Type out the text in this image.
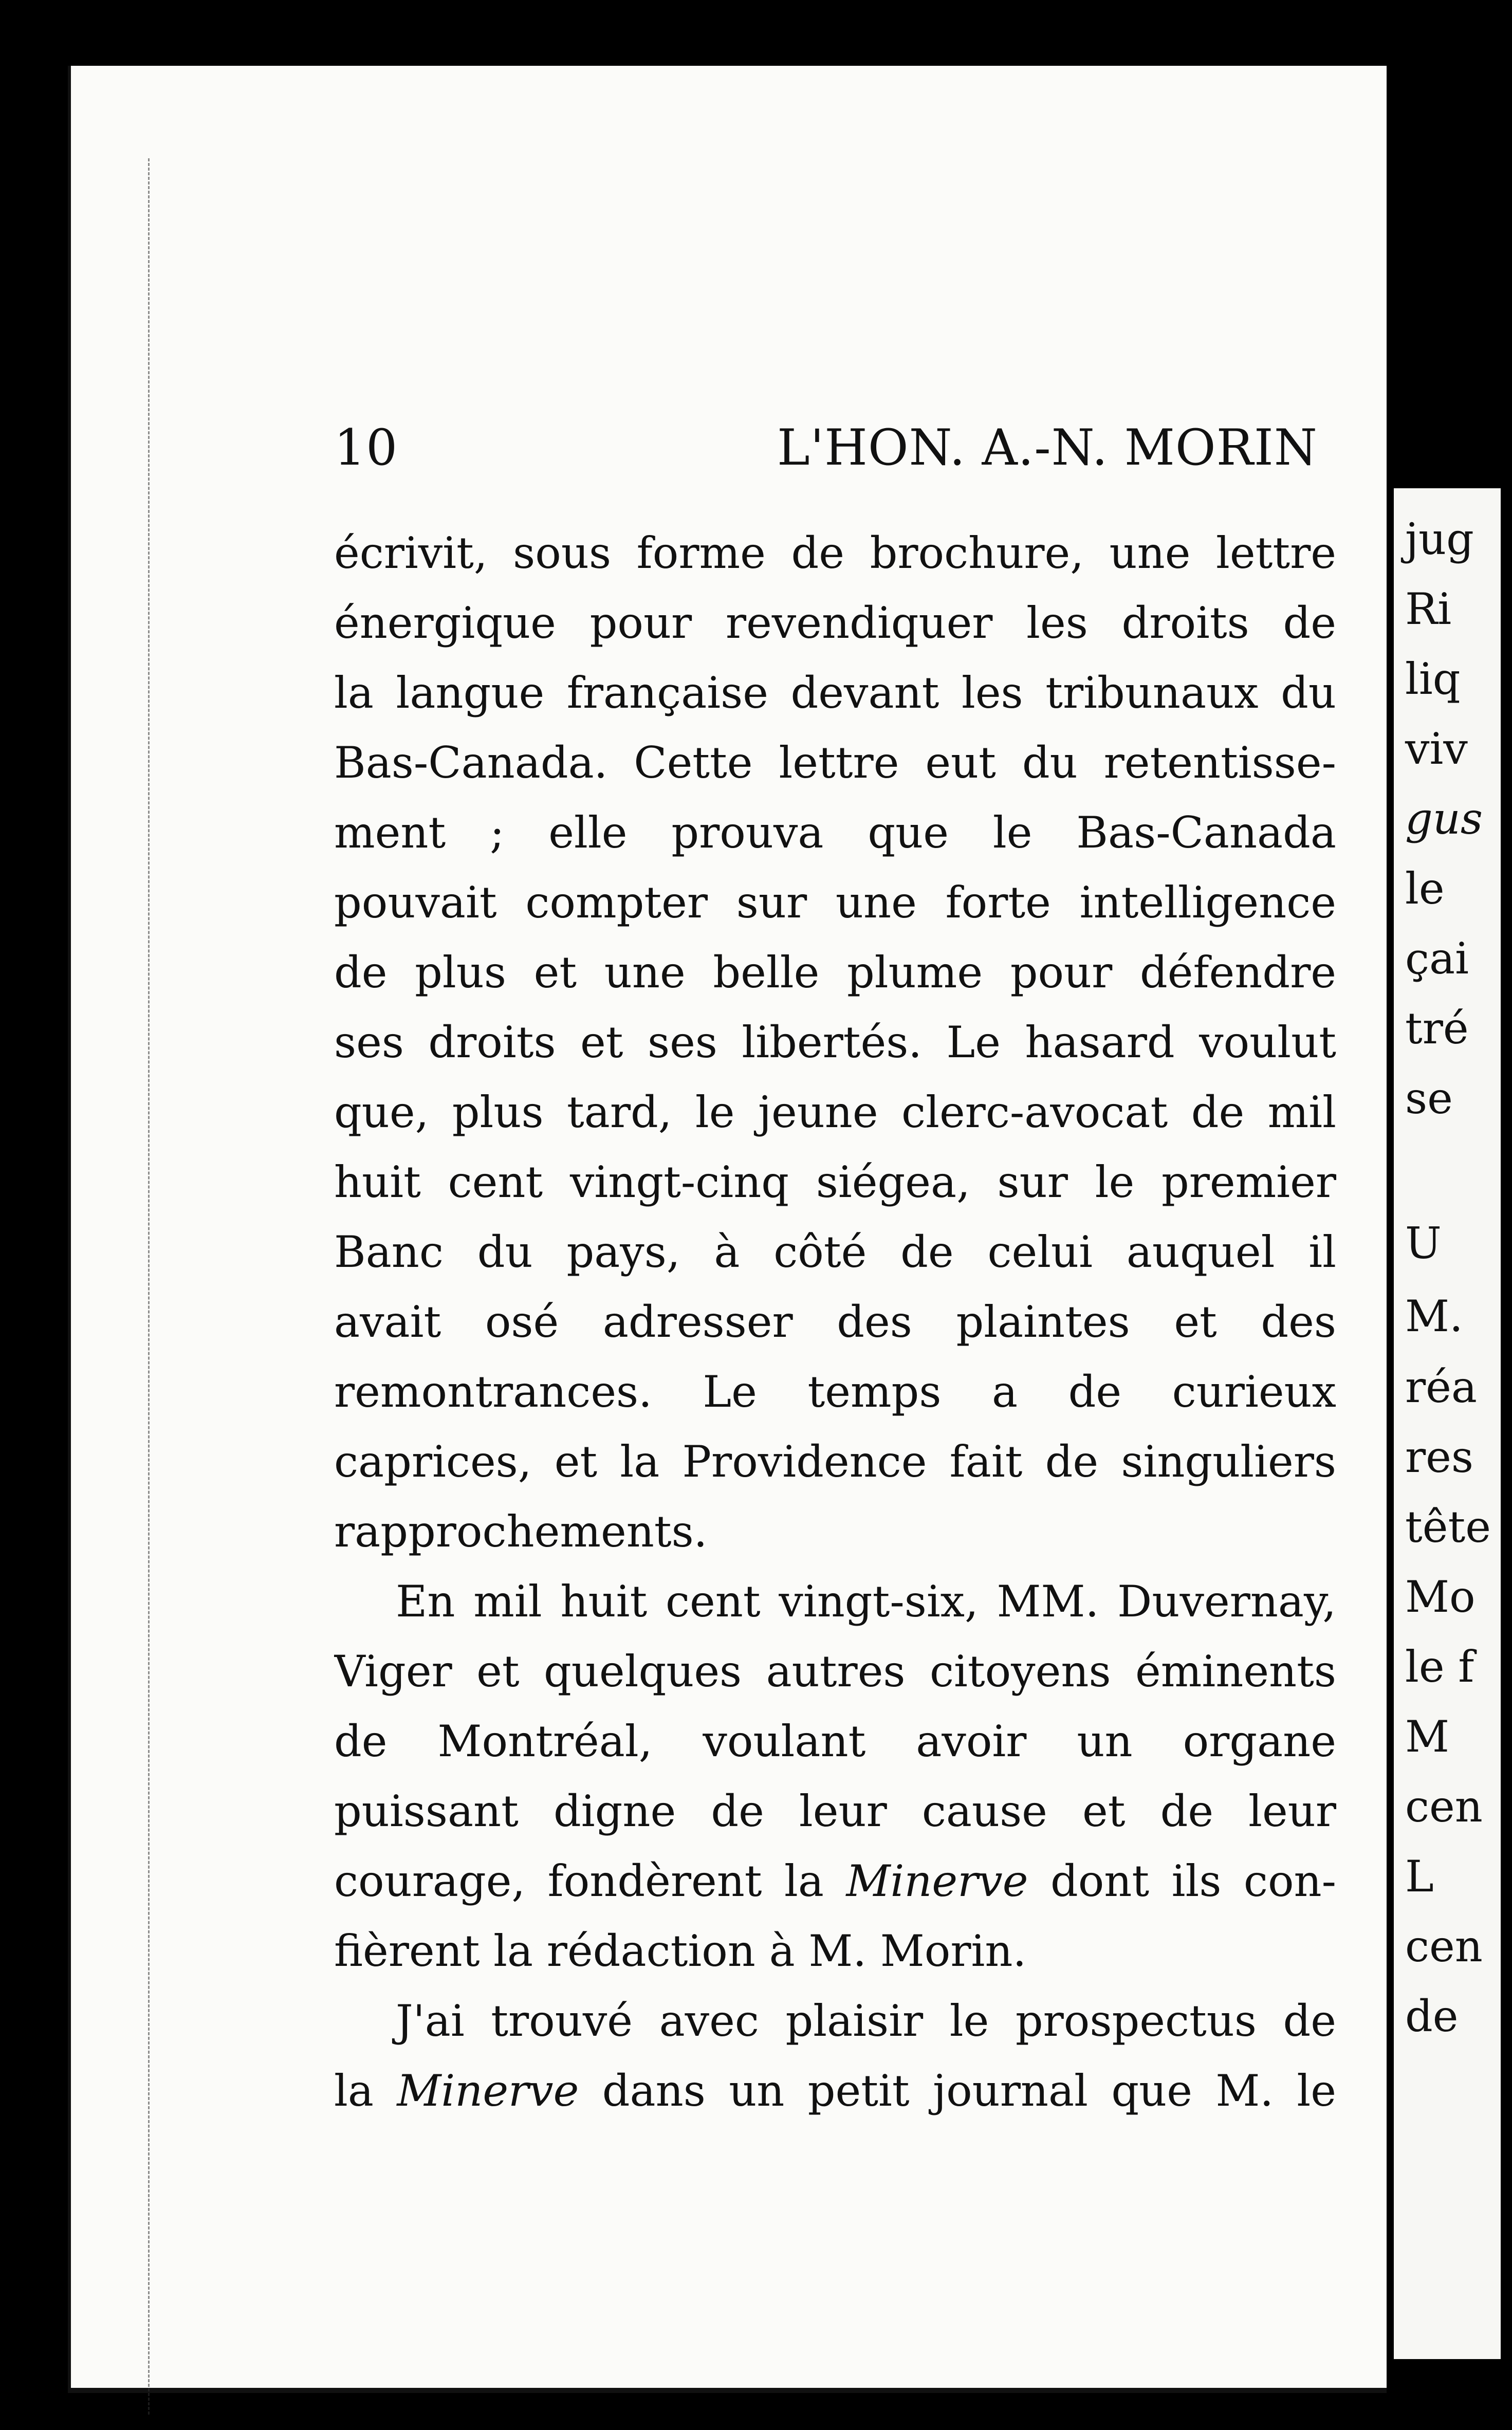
10	L'HON. A.-N. MORIN
écrivit, sous forme de brochure, une lettre
énergique pour revendiquer les droits de
la langue française devant les tribunaux du
Bas-Canada. Cette lettre eut du retentisse-
ment ; elle prouva que le Bas-Canada
pouvait compter sur une forte intelligence
de plus et une belle plume pour défendre
ses droits et ses libertés. Le hasard voulut
que, plus tard, le jeune clerc-avocat de mil
huit cent vingt-cinq siégea, sur le premier
Banc du pays, à côté de celui auquel il
avait osé adresser des plaintes et des
remontrances. Le temps a de curieux
caprices, et la Providence fait de singuliers
rapprochements.
En mil huit cent vingt-six, MM. Duvernay,
Viger et quelques autres citoyens éminents
de Montréal, voulant avoir un organe
puissant digne de leur cause et de leur
courage, fondèrent la Minerve dont ils con-
fièrent la rédaction à M. Morin.
J'ai trouvé avec plaisir le prospectus de
la Minerve dans un petit journal que M. le
jug
Ri
liq
viv
gus
le
çai
tré
se
U
M.
réa
res
tête
Mo
le f
M
cen
L
cen
de
